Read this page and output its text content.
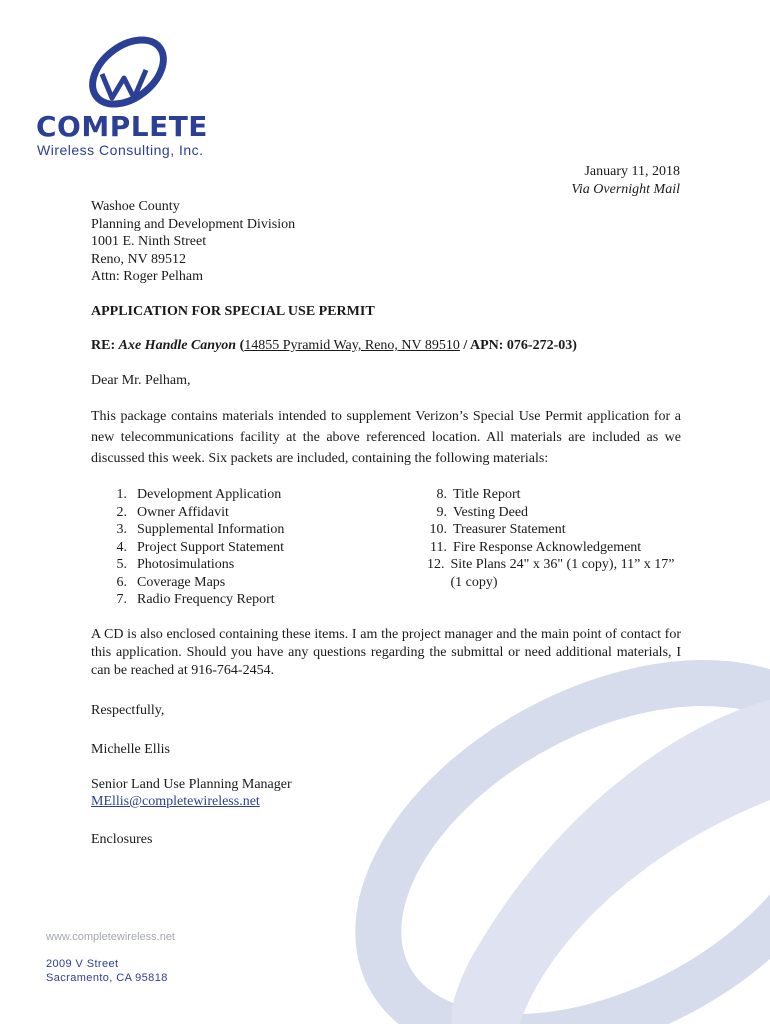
COMPLETE
Wireless Consulting, Inc.
January 11, 2018
Via Overnight Mail
Washoe County
Planning and Development Division
1001 E. Ninth Street
Reno, NV 89512
Attn: Roger Pelham
APPLICATION FOR SPECIAL USE PERMIT
RE: Axe Handle Canyon (14855 Pyramid Way, Reno, NV 89510 / APN: 076-272-03)
Dear Mr. Pelham,
This package contains materials intended to supplement Verizon’s Special Use Permit application for a new telecommunications facility at the above referenced location. All materials are included as we discussed this week. Six packets are included, containing the following materials:
1. Development Application
2. Owner Affidavit
3. Supplemental Information
4. Project Support Statement
5. Photosimulations
6. Coverage Maps
7. Radio Frequency Report
8. Title Report
9. Vesting Deed
10. Treasurer Statement
11. Fire Response Acknowledgement
12. Site Plans 24" x 36" (1 copy), 11” x 17” (1 copy)
A CD is also enclosed containing these items. I am the project manager and the main point of contact for this application. Should you have any questions regarding the submittal or need additional materials, I can be reached at 916-764-2454.
Respectfully,
Michelle Ellis
Senior Land Use Planning Manager
MEllis@completewireless.net
Enclosures
www.completewireless.net
2009 V Street
Sacramento, CA 95818
